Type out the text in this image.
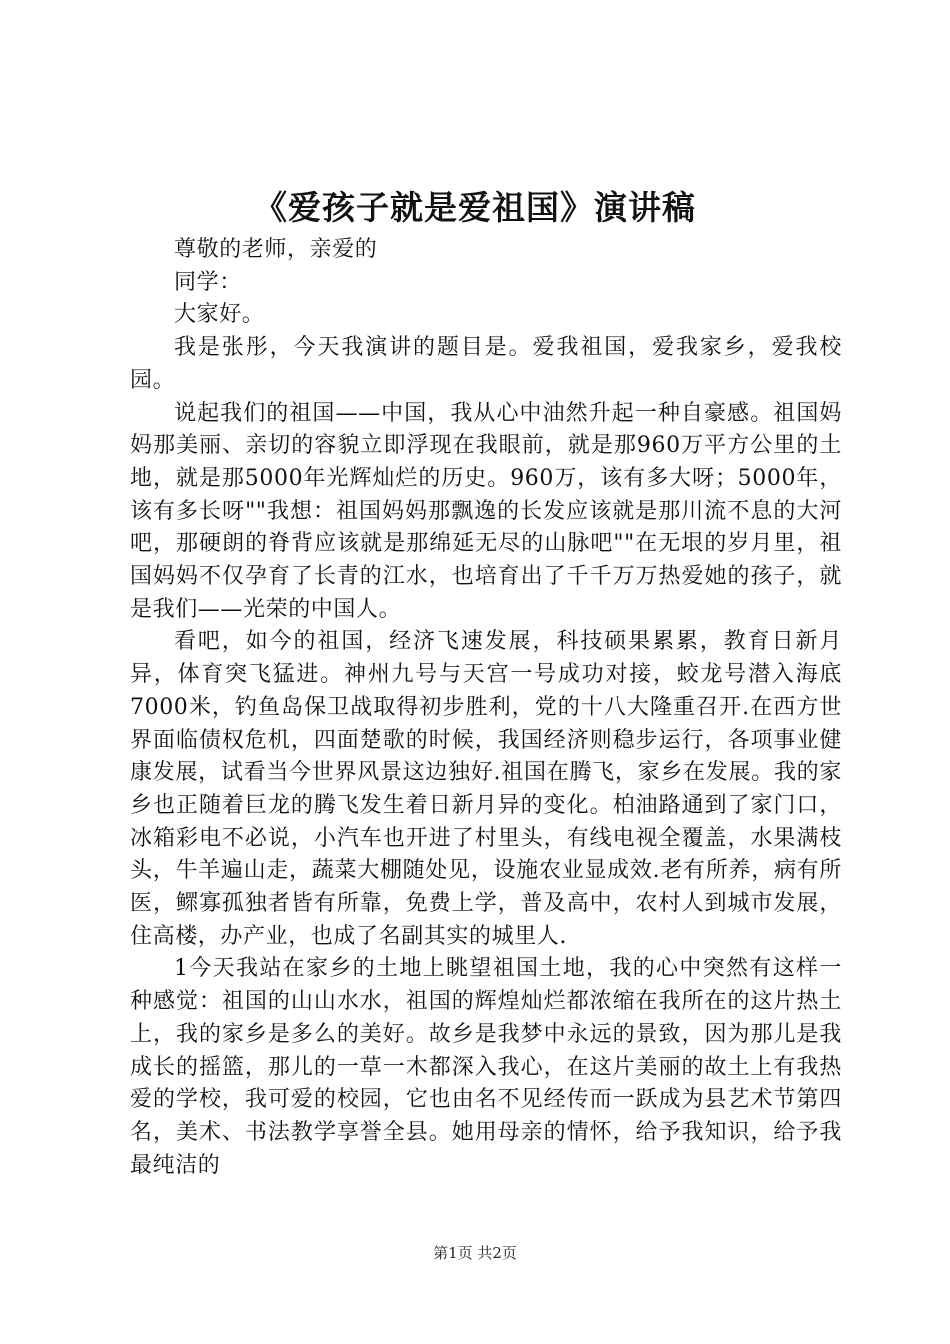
《爱孩子就是爱祖国》演讲稿

尊敬的老师，亲爱的

同学：

大家好。

我是张彤，今天我演讲的题目是。爱我祖国，爱我家乡，爱我校园。

说起我们的祖国——中国，我从心中油然升起一种自豪感。祖国妈妈那美丽、亲切的容貌立即浮现在我眼前，就是那960万平方公里的土地，就是那5000年光辉灿烂的历史。960万，该有多大呀；5000年，该有多长呀""我想：祖国妈妈那飘逸的长发应该就是那川流不息的大河吧，那硬朗的脊背应该就是那绵延无尽的山脉吧""在无垠的岁月里，祖国妈妈不仅孕育了长青的江水，也培育出了千千万万热爱她的孩子，就是我们——光荣的中国人。

看吧，如今的祖国，经济飞速发展，科技硕果累累，教育日新月异，体育突飞猛进。神州九号与天宫一号成功对接，蛟龙号潜入海底7000米，钓鱼岛保卫战取得初步胜利，党的十八大隆重召开.在西方世界面临债权危机，四面楚歌的时候，我国经济则稳步运行，各项事业健康发展，试看当今世界风景这边独好.祖国在腾飞，家乡在发展。我的家乡也正随着巨龙的腾飞发生着日新月异的变化。柏油路通到了家门口，冰箱彩电不必说，小汽车也开进了村里头，有线电视全覆盖，水果满枝头，牛羊遍山走，蔬菜大棚随处见，设施农业显成效.老有所养，病有所医，鳏寡孤独者皆有所靠，免费上学，普及高中，农村人到城市发展，住高楼，办产业，也成了名副其实的城里人.

1今天我站在家乡的土地上眺望祖国土地，我的心中突然有这样一种感觉：祖国的山山水水，祖国的辉煌灿烂都浓缩在我所在的这片热土上，我的家乡是多么的美好。故乡是我梦中永远的景致，因为那儿是我成长的摇篮，那儿的一草一木都深入我心，在这片美丽的故土上有我热爱的学校，我可爱的校园，它也由名不见经传而一跃成为县艺术节第四名，美术、书法教学享誉全县。她用母亲的情怀，给予我知识，给予我最纯洁的

第1页 共2页
